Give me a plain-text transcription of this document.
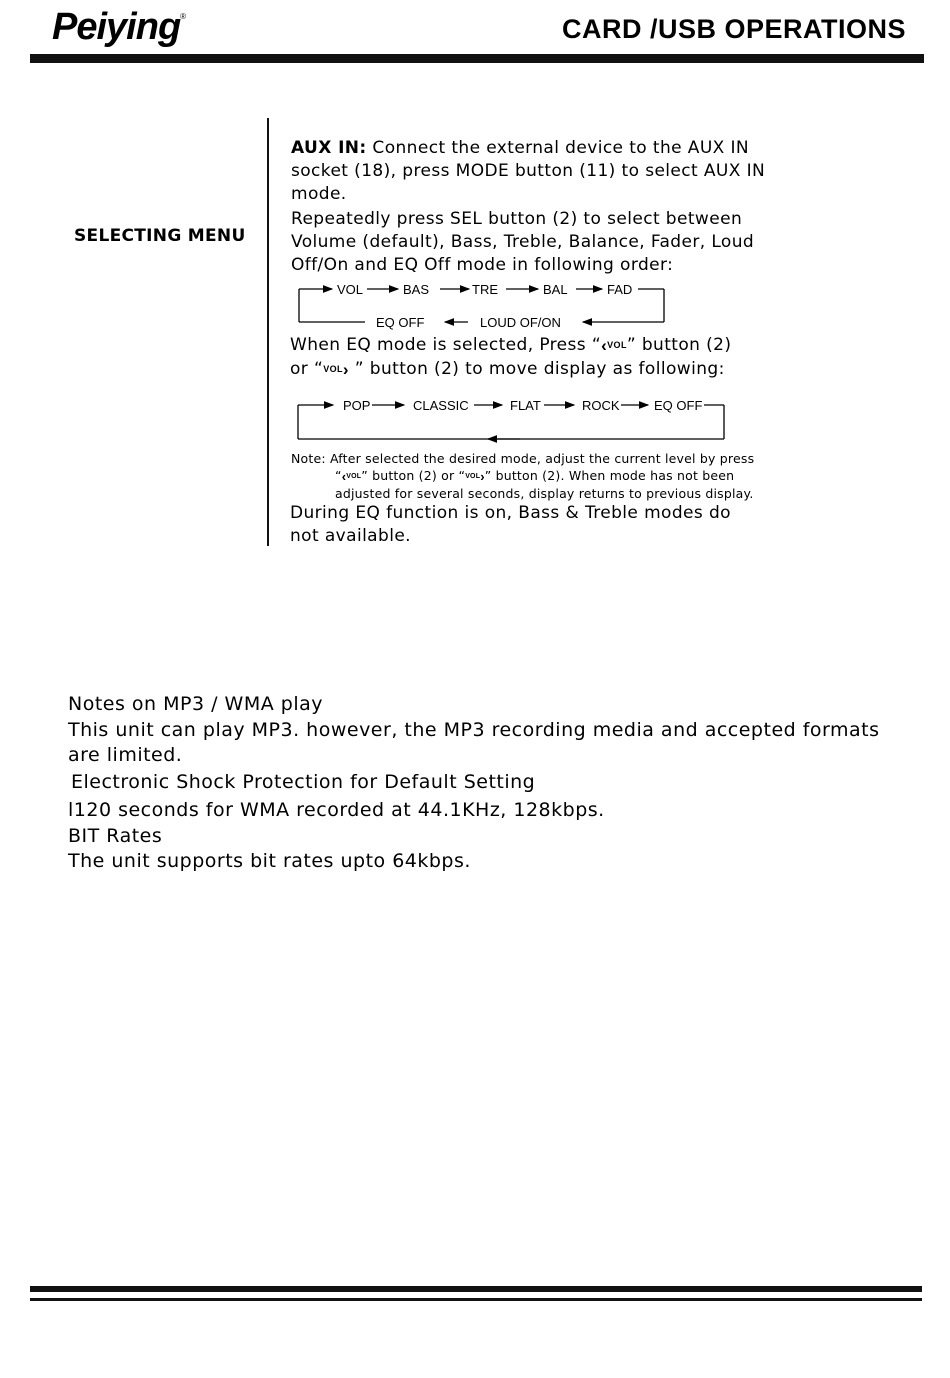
Peiying®	CARD /USB OPERATIONS
SELECTING MENU
AUX IN: Connect the external device to the AUX IN
socket (18), press MODE button (11) to select AUX IN
mode.
Repeatedly press SEL button (2) to select between
Volume (default), Bass, Treble, Balance, Fader, Loud
Off/On and EQ Off mode in following order:
VOL	BAS	TRE	BAL	FAD
LOUD OF/ON
EQ OFF
POP	CLASSIC	FLAT	ROCK	EQ OFF
When EQ mode is selected, Press “‹VOL” button (2)
or “VOL› ” button (2) to move display as following:
Note: After selected the desired mode, adjust the current level by press
“‹VOL” button (2) or “VOL›” button (2). When mode has not been
adjusted for several seconds, display returns to previous display.
During EQ function is on, Bass & Treble modes do
not available.
Notes on MP3 / WMA play
This unit can play MP3. however, the MP3 recording media and accepted formats
are limited.
Electronic Shock Protection for Default Setting
l120 seconds for WMA recorded at 44.1KHz, 128kbps.
BIT Rates
The unit supports bit rates upto 64kbps.
